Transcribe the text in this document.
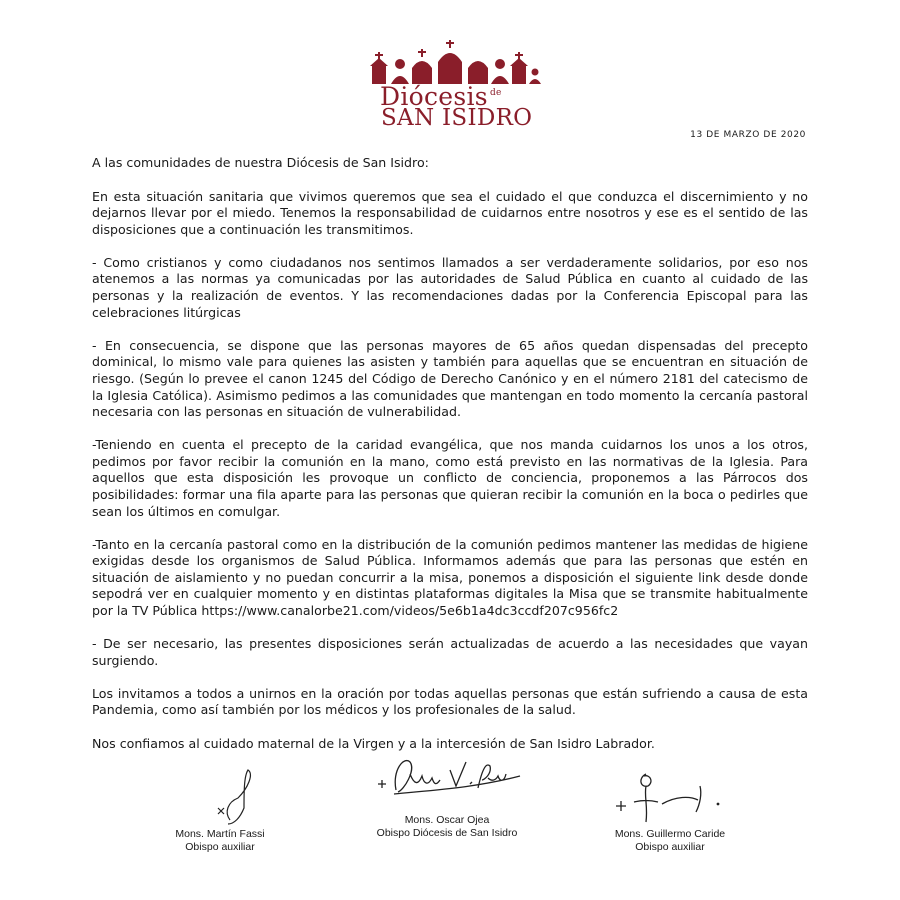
Diócesis $^{de}$
SAN ISIDRO
13 DE MARZO DE 2020

A las comunidades de nuestra Diócesis de San Isidro:

En esta situación sanitaria que vivimos queremos que sea el cuidado el que conduzca el discernimiento y no dejarnos llevar por el miedo. Tenemos la responsabilidad de cuidarnos entre nosotros y ese es el sentido de las disposiciones que a continuación les transmitimos.

- Como cristianos y como ciudadanos nos sentimos llamados a ser verdaderamente solidarios, por eso nos atenemos a las normas ya comunicadas por las autoridades de Salud Pública en cuanto al cuidado de las personas y la realización de eventos. Y las recomendaciones dadas por la Conferencia Episcopal para las celebraciones litúrgicas

- En consecuencia, se dispone que las personas mayores de 65 años quedan dispensadas del precepto dominical, lo mismo vale para quienes las asisten y también para aquellas que se encuentran en situación de riesgo. (Según lo prevee el canon 1245 del Código de Derecho Canónico y en el número 2181 del catecismo de la Iglesia Católica). Asimismo pedimos a las comunidades que mantengan en todo momento la cercanía pastoral necesaria con las personas en situación de vulnerabilidad.

-Teniendo en cuenta el precepto de la caridad evangélica, que nos manda cuidarnos los unos a los otros, pedimos por favor recibir la comunión en la mano, como está previsto en las normativas de la Iglesia. Para aquellos que esta disposición les provoque un conflicto de conciencia, proponemos a las Párrocos dos posibilidades: formar una fila aparte para las personas que quieran recibir la comunión en la boca o pedirles que sean los últimos en comulgar.

-Tanto en la cercanía pastoral como en la distribución de la comunión pedimos mantener las medidas de higiene exigidas desde los organismos de Salud Pública. Informamos además que para las personas que estén en situación de aislamiento y no puedan concurrir a la misa, ponemos a disposición el siguiente link desde donde sepodrá ver en cualquier momento y en distintas plataformas digitales la Misa que se transmite habitualmente por la TV Pública https://www.canalorbe21.com/videos/5e6b1a4dc3ccdf207c956fc2

- De ser necesario, las presentes disposiciones serán actualizadas de acuerdo a las necesidades que vayan surgiendo.

Los invitamos a todos a unirnos en la oración por todas aquellas personas que están sufriendo a causa de esta Pandemia, como así también por los médicos y los profesionales de la salud.

Nos confiamos al cuidado maternal de la Virgen y a la intercesión de San Isidro Labrador.

Mons. Martín Fassi
Obispo auxiliar
Mons. Oscar Ojea
Obispo Diócesis de San Isidro	Mons. Guillermo Caride
Obispo auxiliar
